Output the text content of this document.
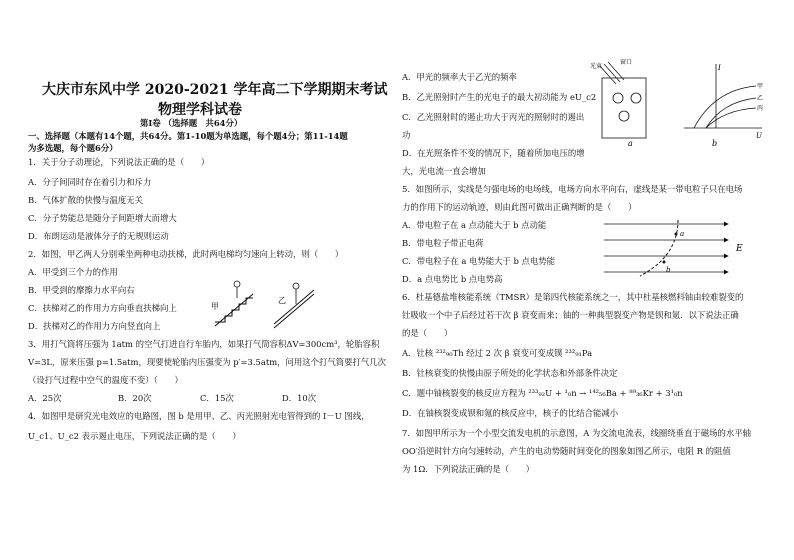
大庆市东风中学 2020-2021 学年高二下学期期末考试
物理学科试卷
第Ⅰ卷 （选择题　共64分）
一、选择题（本题有14个题，共64分。第1-10题为单选题，每个题4分；第11-14题
为多选题，每个题6分）
1．关于分子动理论，下列说法正确的是（　　）
A．分子间同时存在着引力和斥力
B．气体扩散的快慢与温度无关
C．分子势能总是随分子间距增大而增大
D．布朗运动是液体分子的无规则运动
2．如图，甲乙两人分别乘坐两种电动扶梯，此时两电梯均匀速向上转动，则（　　）
A．甲受到三个力的作用
B．甲受到的摩擦力水平向右
C．扶梯对乙的作用力方向垂直扶梯向上
D．扶梯对乙的作用力方向竖直向上
3．用打气筒将压强为 1atm 的空气打进自行车胎内，如果打气筒容积ΔV=300cm³，轮胎容积
V=3L，原来压强 p=1.5atm，现要使轮胎内压强变为 p′=3.5atm，问用这个打气筒要打气几次
（设打气过程中空气的温度不变）（　　）
A．25次	B．20次	C．15次	D．10次
4．如图甲是研究光电效应的电路图，图 b 是用甲、乙、丙光照射光电管得到的 I－U 图线，
U_c1、U_c2 表示遏止电压，下列说法正确的是（　　）
甲
乙
A．甲光的频率大于乙光的频率
B．乙光照射时产生的光电子的最大初动能为 eU_c2
C．乙光照射时的遏止功大于丙光的照射时的遏出
功
D．在光照条件不变的情况下，随着所加电压的增
大，光电流一直会增加
5．如图所示，实线是匀强电场的电场线，电场方向水平向右，虚线是某一带电粒子只在电场
力的作用下的运动轨迹，则由此图可做出正确判断的是（　　）
A．带电粒子在 a 点动能大于 b 点动能
B．带电粒子带正电荷
C．带电粒子在 a 电势能大于 b 点电势能
D．a 点电势比 b 点电势高
6．杜基德盐堆核能系统（TMSR）是第四代核能系统之一，其中杜基核燃料铀由较难裂变的
钍吸收一个中子后经过若干次 β 衰变而来；铀的一种典型裂变产物是钡和氪．以下说法正确
的是（　　）
A．钍核 ²³²₉₀Th 经过 2 次 β 衰变可变成镤 ²³²₉₁Pa
B．钍核衰变的快慢由原子所处的化学状态和外部条件决定
C．题中铀核裂变的核反应方程为 ²³³₉₂U + ¹₀n → ¹⁴²₅₆Ba + ⁸⁹₃₆Kr + 3¹₀n
D．在铀核裂变成钡和氪的核反应中，核子的比结合能减小
7．如图甲所示为一个小型交流发电机的示意图，A 为交流电流表，线圈绕垂直于磁场的水平轴
OO′沿逆时针方向匀速转动，产生的电动势随时间变化的图象如图乙所示，电阻 R 的阻值
为 1Ω．下列说法正确的是（　　）
光束
窗口
a
I
U
甲
乙
丙
b
a
b
E
